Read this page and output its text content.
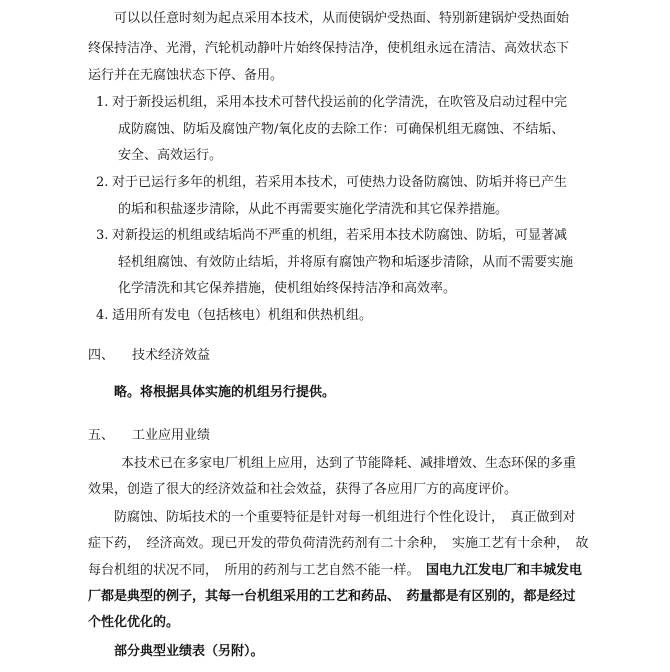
可以以任意时刻为起点采用本技术，从而使锅炉受热面、特别新建锅炉受热面始
终保持洁净、光滑，汽轮机动静叶片始终保持洁净，使机组永远在清洁、高效状态下
运行并在无腐蚀状态下停、备用。
1. 对于新投运机组，采用本技术可替代投运前的化学清洗，在吹管及启动过程中完
成防腐蚀、防垢及腐蚀产物/氧化皮的去除工作：可确保机组无腐蚀、不结垢、
安全、高效运行。
2. 对于已运行多年的机组，若采用本技术，可使热力设备防腐蚀、防垢并将已产生
的垢和积盐逐步清除，从此不再需要实施化学清洗和其它保养措施。
3. 对新投运的机组或结垢尚不严重的机组，若采用本技术防腐蚀、防垢，可显著减
轻机组腐蚀、有效防止结垢，并将原有腐蚀产物和垢逐步清除，从而不需要实施
化学清洗和其它保养措施，使机组始终保持洁净和高效率。
4. 适用所有发电（包括核电）机组和供热机组。
四、 技术经济效益
略。将根据具体实施的机组另行提供。
五、 工业应用业绩
本技术已在多家电厂机组上应用，达到了节能降耗、减排增效、生态环保的多重
效果，创造了很大的经济效益和社会效益，获得了各应用厂方的高度评价。
防腐蚀、防垢技术的一个重要特征是针对每一机组进行个性化设计，　真正做到对
症下药，　经济高效。现已开发的带负荷清洗药剂有二十余种，　实施工艺有十余种，　故
每台机组的状况不同，　所用的药剂与工艺自然不能一样。　国电九江发电厂和丰城发电
厂都是典型的例子，其每一台机组采用的工艺和药品、　药量都是有区别的，都是经过
个性化优化的。
部分典型业绩表（另附）。
